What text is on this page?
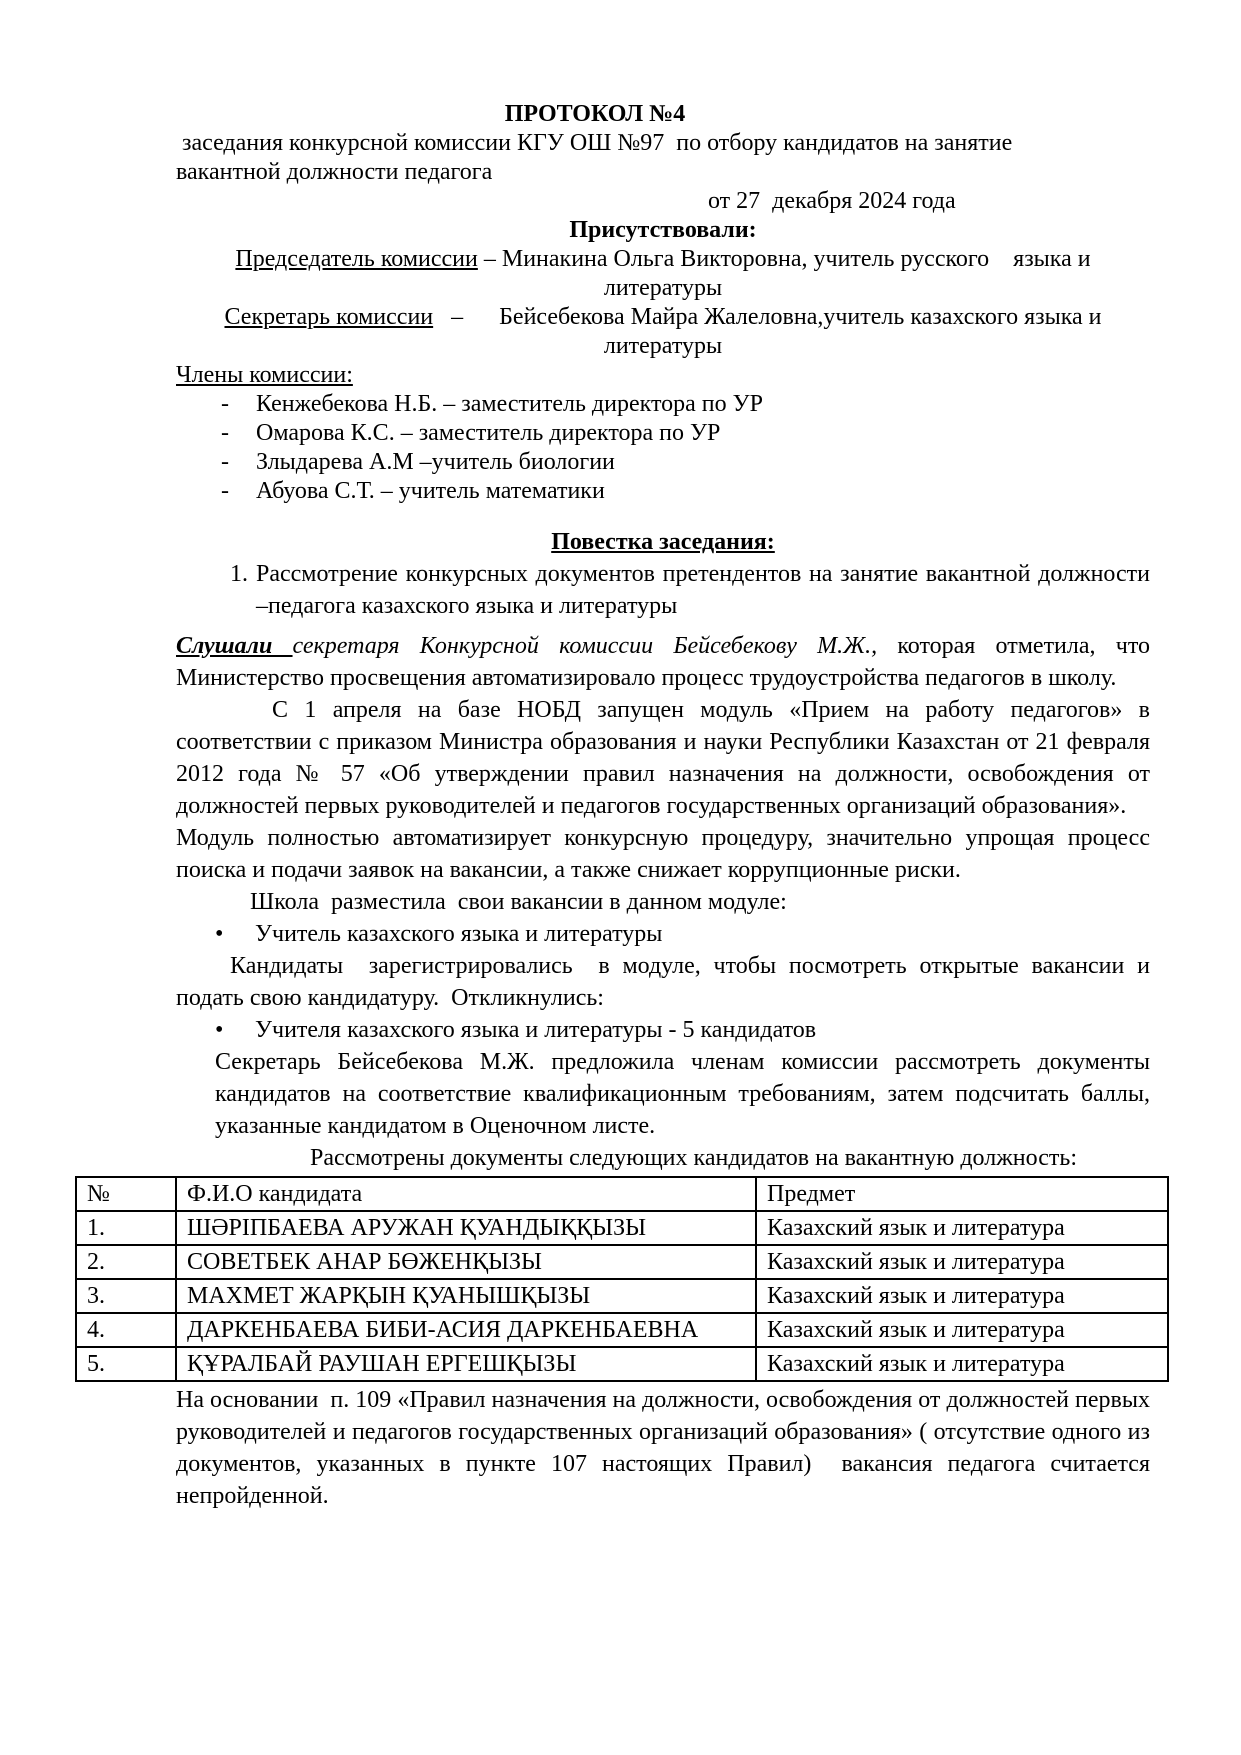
ПРОТОКОЛ №4
заседания конкурсной комиссии КГУ ОШ №97  по отбору кандидатов на занятие
вакантной должности педагога
от 27  декабря 2024 года
Присутствовали:
Председатель комиссии – Минакина Ольга Викторовна, учитель русского    языка и
литературы
Секретарь комиссии   –      Бейсебекова Майра Жалеловна,учитель казахского языка и
литературы
Члены комиссии:
-	Кенжебекова Н.Б. – заместитель директора по УР
-	Омарова К.С. – заместитель директора по УР
-	Злыдарева А.М –учитель биологии
-	Абуова С.Т. – учитель математики
Повестка заседания:
1. Рассмотрение конкурсных документов претендентов на занятие вакантной должности –педагога казахского языка и литературы
Слушали секретаря Конкурсной комиссии Бейсебекову М.Ж., которая отметила, что Министерство просвещения автоматизировало процесс трудоустройства педагогов в школу.
С 1 апреля на базе НОБД запущен модуль «Прием на работу педагогов» в соответствии с приказом Министра образования и науки Республики Казахстан от 21 февраля 2012 года № 57 «Об утверждении правил назначения на должности, освобождения от должностей первых руководителей и педагогов государственных организаций образования».
Модуль полностью автоматизирует конкурсную процедуру, значительно упрощая процесс поиска и подачи заявок на вакансии, а также снижает коррупционные риски.
Школа  разместила  свои вакансии в данном модуле:
•	Учитель казахского языка и литературы
Кандидаты  зарегистрировались  в модуле, чтобы посмотреть открытые вакансии и подать свою кандидатуру.  Откликнулись:
•	Учителя казахского языка и литературы - 5 кандидатов
Секретарь Бейсебекова М.Ж. предложила членам комиссии рассмотреть документы кандидатов на соответствие квалификационным требованиям, затем подсчитать баллы, указанные кандидатом в Оценочном листе.
Рассмотрены документы следующих кандидатов на вакантную должность:
№	Ф.И.О кандидата	Предмет
1.	ШӘРІПБАЕВА АРУЖАН ҚУАНДЫҚҚЫЗЫ	Казахский язык и литература
2.	СОВЕТБЕК АНАР БӨЖЕНҚЫЗЫ	Казахский язык и литература
3.	МАХМЕТ ЖАРҚЫН ҚУАНЫШҚЫЗЫ	Казахский язык и литература
4.	ДАРКЕНБАЕВА БИБИ-АСИЯ ДАРКЕНБАЕВНА	Казахский язык и литература
5.	ҚҰРАЛБАЙ РАУШАН ЕРГЕШҚЫЗЫ	Казахский язык и литература
На основании  п. 109 «Правил назначения на должности, освобождения от должностей первых руководителей и педагогов государственных организаций образования» ( отсутствие одного из документов, указанных в пункте 107 настоящих Правил)  вакансия педагога считается непройденной.
